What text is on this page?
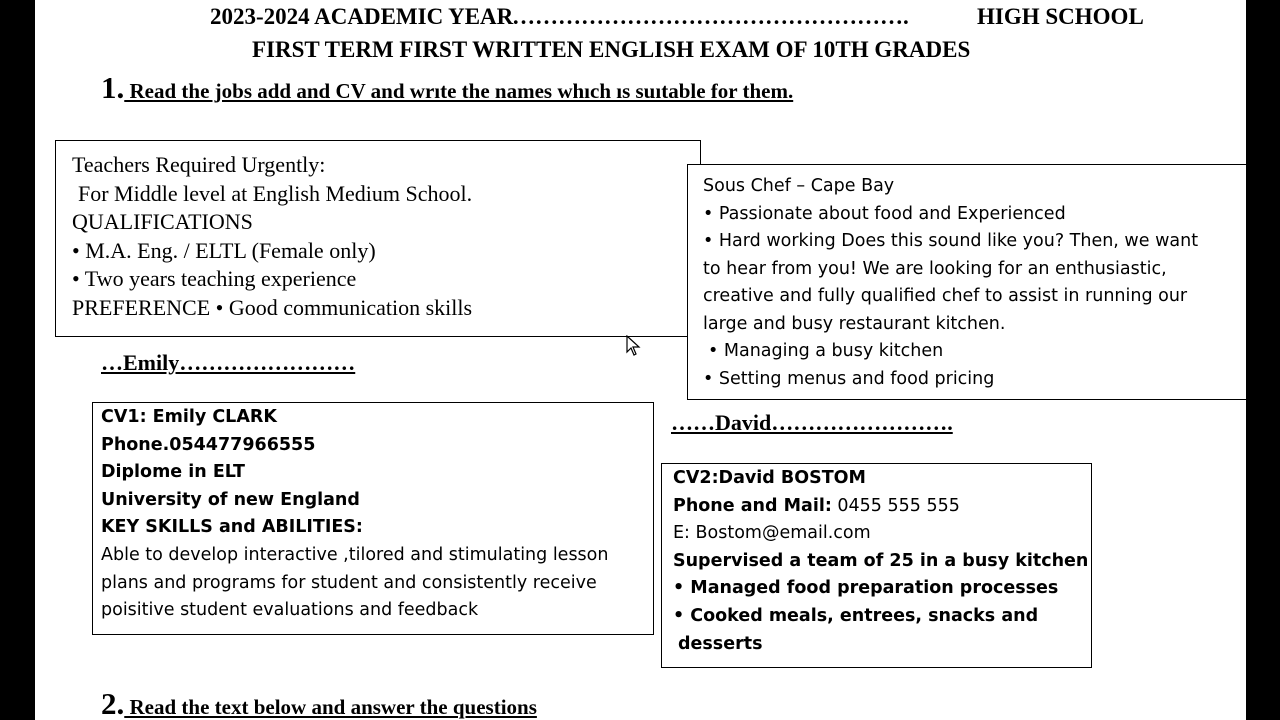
2023-2024 ACADEMIC YEAR
…………………………………………….	HIGH SCHOOL
FIRST TERM FIRST WRITTEN ENGLISH EXAM OF 10TH GRADES
1. Read the jobs add and CV and wrıte the names whıch ıs suıtable for them.
Teachers Required Urgently:
For Middle level at English Medium School.
QUALIFICATIONS
• M.A. Eng. / ELTL (Female only)
• Two years teaching experience
PREFERENCE • Good communication skills
Sous Chef – Cape Bay
• Passionate about food and Experienced
• Hard working Does this sound like you? Then, we want
to hear from you! We are looking for an enthusiastic,
creative and fully qualified chef to assist in running our
large and busy restaurant kitchen.
• Managing a busy kitchen
• Setting menus and food pricing
…Emily……………………
CV1: Emily CLARK
Phone.054477966555
Diplome in ELT
University of new England
KEY SKILLS and ABILITIES:
Able to develop interactive ,tilored and stimulating lesson
plans and programs for student and consistently receive
poisitive student evaluations and feedback
……David…………………….
CV2:David BOSTOM
Phone and Mail: 0455 555 555
E: Bostom@email.com
Supervised a team of 25 in a busy kitchen
• Managed food preparation processes
• Cooked meals, entrees, snacks and
desserts
2. Read the text below and answer the questions
